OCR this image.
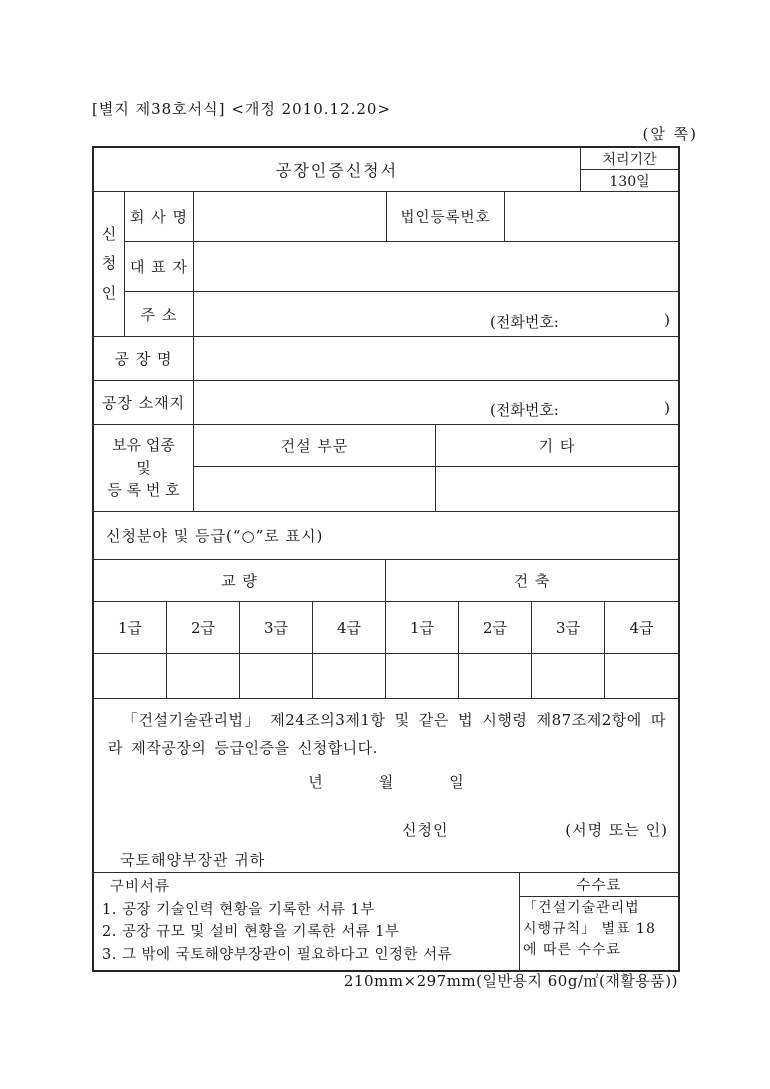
[별지 제38호서식] <개정 2010.12.20>
(앞 쪽)
공장인증신청서
처리기간
130일
신청인
회 사 명	법인등록번호
대 표 자
주 소	(전화번호:	)
공 장 명
공장 소재지	(전화번호:	)
보유 업종
및
등 록 번 호
건설 부문	기 타
신청분야 및 등급(“○”로 표시)
교 량	건 축
1급	2급	3급	4급	1급	2급	3급	4급
「건설기술관리법」 제24조의3제1항 및 같은 법 시행령 제87조제2항에 따라 제작공장의 등급인증을 신청합니다.
년	월	일
신청인	(서명 또는 인)
국토해양부장관 귀하
구비서류
1. 공장 기술인력 현황을 기록한 서류 1부
2. 공장 규모 및 설비 현황을 기록한 서류 1부
3. 그 밖에 국토해양부장관이 필요하다고 인정한 서류
수수료
「건설기술관리법
시행규칙」 별표 18
에 따른 수수료
210mm×297mm(일반용지 60g/㎡(재활용품))
